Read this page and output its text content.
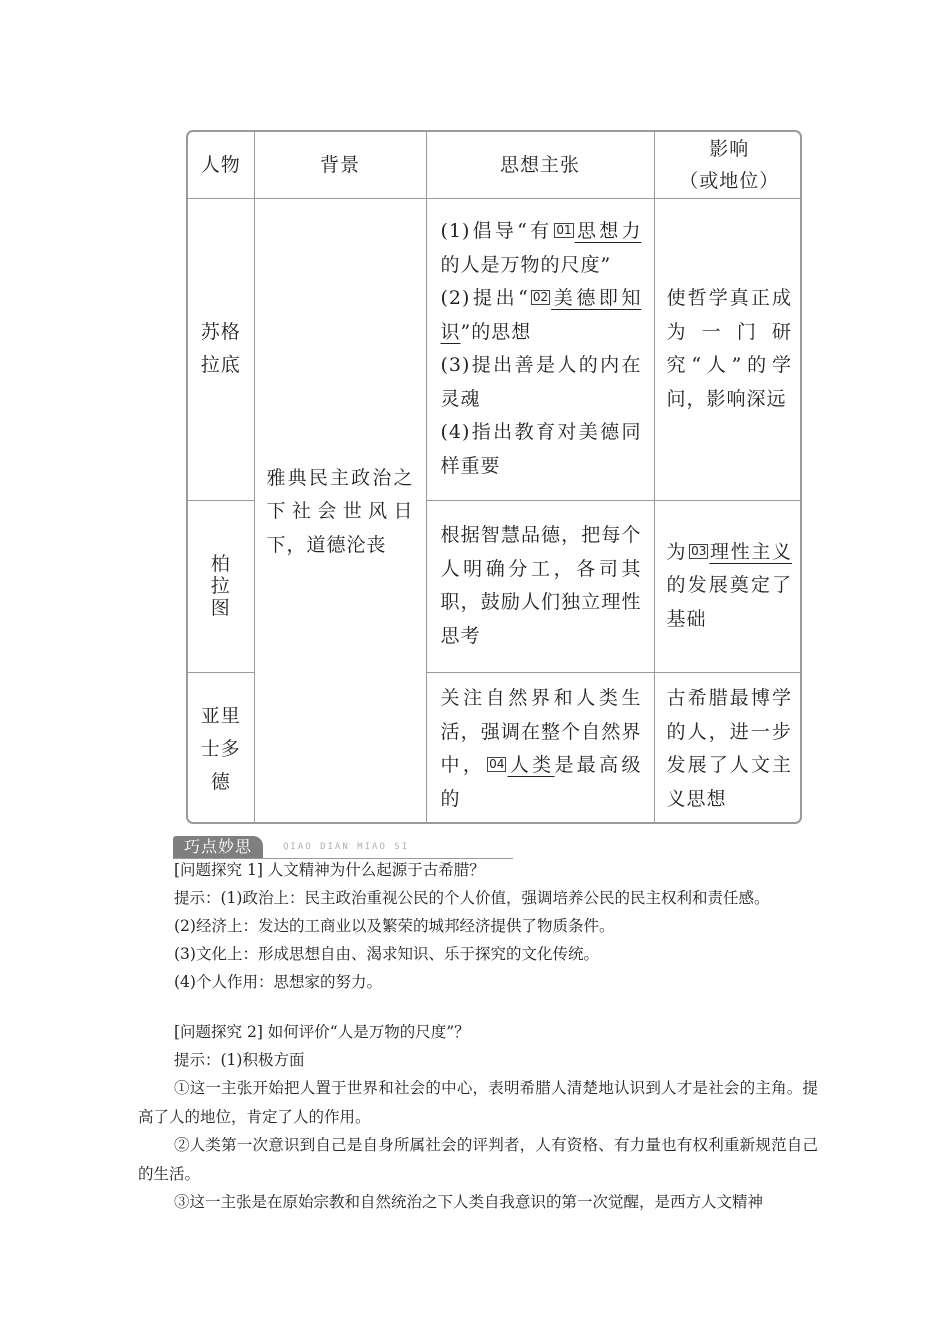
人物	背景	思想主张	影响
（或地位）

苏格拉底	雅典民主政治之下社会世风日下，道德沦丧	(1)倡导“有 01 思想力的人是万物的尺度”
(2)提出“ 02 美德即知识”的思想
(3)提出善是人的内在灵魂
(4)指出教育对美德同样重要	使哲学真正成为一门研究“人”的学问，影响深远

柏拉图		根据智慧品德，把每个人明确分工，各司其职，鼓励人们独立理性思考	为 03 理性主义的发展奠定了基础

亚里士多德		关注自然界和人类生活，强调在整个自然界中， 04 人类是最高级的	古希腊最博学的人，进一步发展了人文主义思想
巧点妙思	QIAO DIAN MIAO SI
[问题探究 1] 人文精神为什么起源于古希腊？
提示：(1)政治上：民主政治重视公民的个人价值，强调培养公民的民主权利和责任感。
(2)经济上：发达的工商业以及繁荣的城邦经济提供了物质条件。
(3)文化上：形成思想自由、渴求知识、乐于探究的文化传统。
(4)个人作用：思想家的努力。
[问题探究 2] 如何评价“人是万物的尺度”？
提示：(1)积极方面
①这一主张开始把人置于世界和社会的中心，表明希腊人清楚地认识到人才是社会的主角。提高了人的地位，肯定了人的作用。
②人类第一次意识到自己是自身所属社会的评判者，人有资格、有力量也有权利重新规范自己的生活。
③这一主张是在原始宗教和自然统治之下人类自我意识的第一次觉醒，是西方人文精神
